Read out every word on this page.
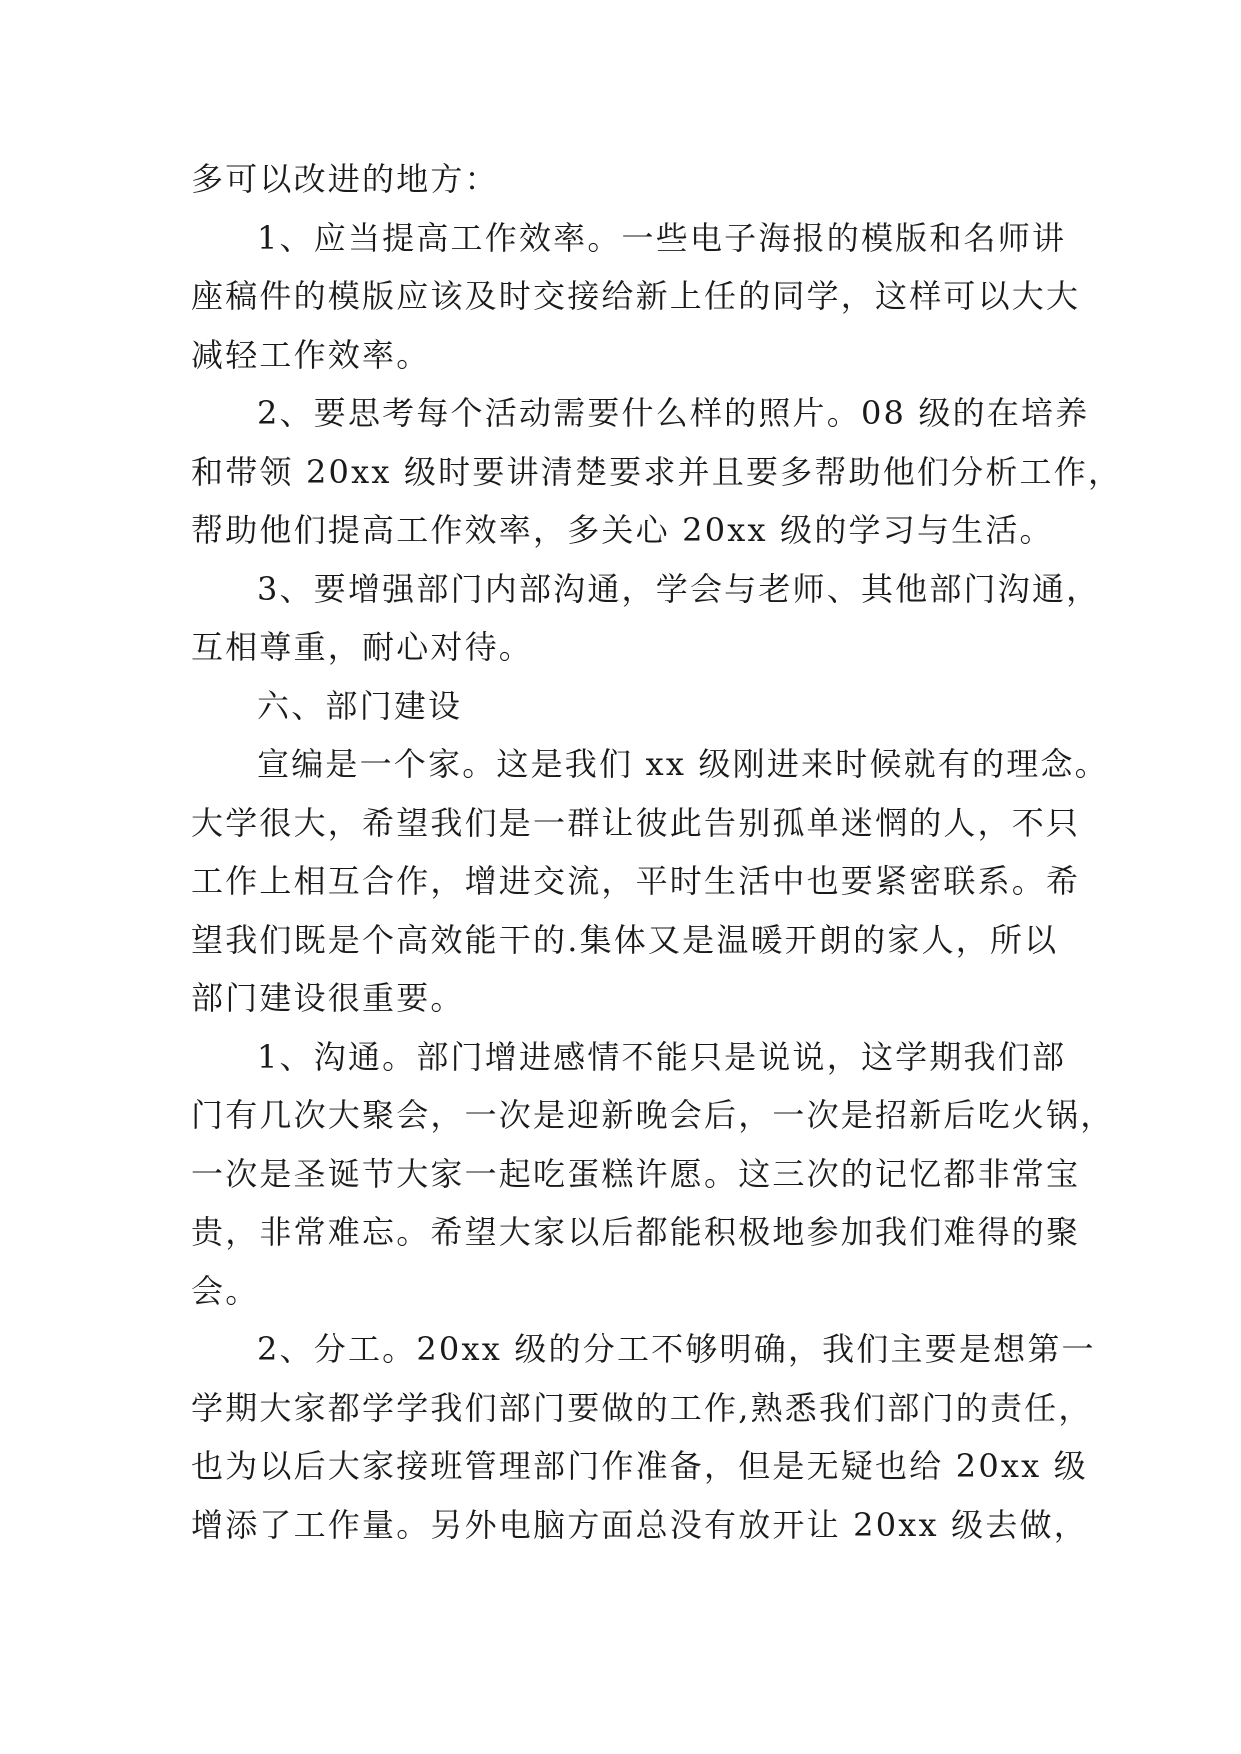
多可以改进的地方：
1、应当提高工作效率。一些电子海报的模版和名师讲
座稿件的模版应该及时交接给新上任的同学，这样可以大大
减轻工作效率。
2、要思考每个活动需要什么样的照片。08 级的在培养
和带领 20xx 级时要讲清楚要求并且要多帮助他们分析工作，
帮助他们提高工作效率，多关心 20xx 级的学习与生活。
3、要增强部门内部沟通，学会与老师、其他部门沟通，
互相尊重，耐心对待。
六、部门建设
宣编是一个家。这是我们 xx 级刚进来时候就有的理念。
大学很大，希望我们是一群让彼此告别孤单迷惘的人，不只
工作上相互合作，增进交流，平时生活中也要紧密联系。希
望我们既是个高效能干的.集体又是温暖开朗的家人，所以
部门建设很重要。
1、沟通。部门增进感情不能只是说说，这学期我们部
门有几次大聚会，一次是迎新晚会后，一次是招新后吃火锅，
一次是圣诞节大家一起吃蛋糕许愿。这三次的记忆都非常宝
贵，非常难忘。希望大家以后都能积极地参加我们难得的聚
会。
2、分工。20xx 级的分工不够明确，我们主要是想第一
学期大家都学学我们部门要做的工作,熟悉我们部门的责任，
也为以后大家接班管理部门作准备，但是无疑也给 20xx 级
增添了工作量。另外电脑方面总没有放开让 20xx 级去做，
